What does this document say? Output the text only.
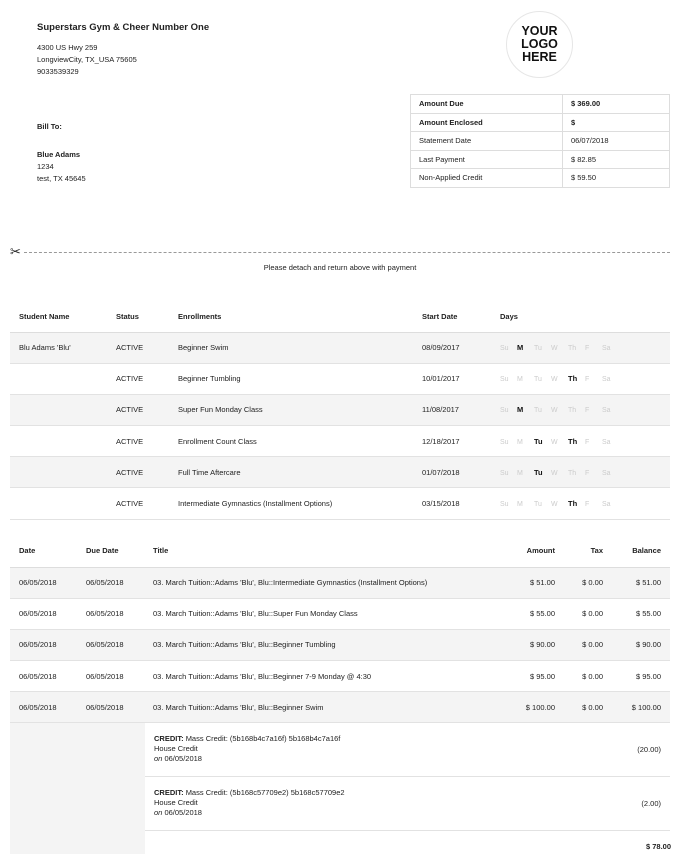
Superstars Gym & Cheer Number One
4300 US Hwy 259
LongviewCity, TX_USA 75605
9033539329
YOUR
LOGO
HERE
Amount Due	$ 369.00
Amount Enclosed	$
Statement Date	06/07/2018
Last Payment	$ 82.85
Non-Applied Credit	$ 59.50
Bill To:
Blue Adams
1234
test, TX 45645
✂
Please detach and return above with payment
Student Name	Status	Enrollments	Start Date	Days
Blu Adams 'Blu'	ACTIVE	Beginner Swim	08/09/2017	Su M Tu W Th F Sa
	ACTIVE	Beginner Tumbling	10/01/2017	Su M Tu W Th F Sa
	ACTIVE	Super Fun Monday Class	11/08/2017	Su M Tu W Th F Sa
	ACTIVE	Enrollment Count Class	12/18/2017	Su M Tu W Th F Sa
	ACTIVE	Full Time Aftercare	01/07/2018	Su M Tu W Th F Sa
	ACTIVE	Intermediate Gymnastics (Installment Options)	03/15/2018	Su M Tu W Th F Sa
Date	Due Date	Title	Amount	Tax	Balance
06/05/2018	06/05/2018	03. March Tuition::Adams 'Blu', Blu::Intermediate Gymnastics (Installment Options)	$ 51.00	$ 0.00	$ 51.00
06/05/2018	06/05/2018	03. March Tuition::Adams 'Blu', Blu::Super Fun Monday Class	$ 55.00	$ 0.00	$ 55.00
06/05/2018	06/05/2018	03. March Tuition::Adams 'Blu', Blu::Beginner Tumbling	$ 90.00	$ 0.00	$ 90.00
06/05/2018	06/05/2018	03. March Tuition::Adams 'Blu', Blu::Beginner 7-9 Monday @ 4:30	$ 95.00	$ 0.00	$ 95.00
06/05/2018	06/05/2018	03. March Tuition::Adams 'Blu', Blu::Beginner Swim	$ 100.00	$ 0.00	$ 100.00
CREDIT: Mass Credit: (5b168b4c7a16f) 5b168b4c7a16f
House Credit
on 06/05/2018
(20.00)
CREDIT: Mass Credit: (5b168c57709e2) 5b168c57709e2
House Credit
on 06/05/2018
(2.00)
$ 78.00
